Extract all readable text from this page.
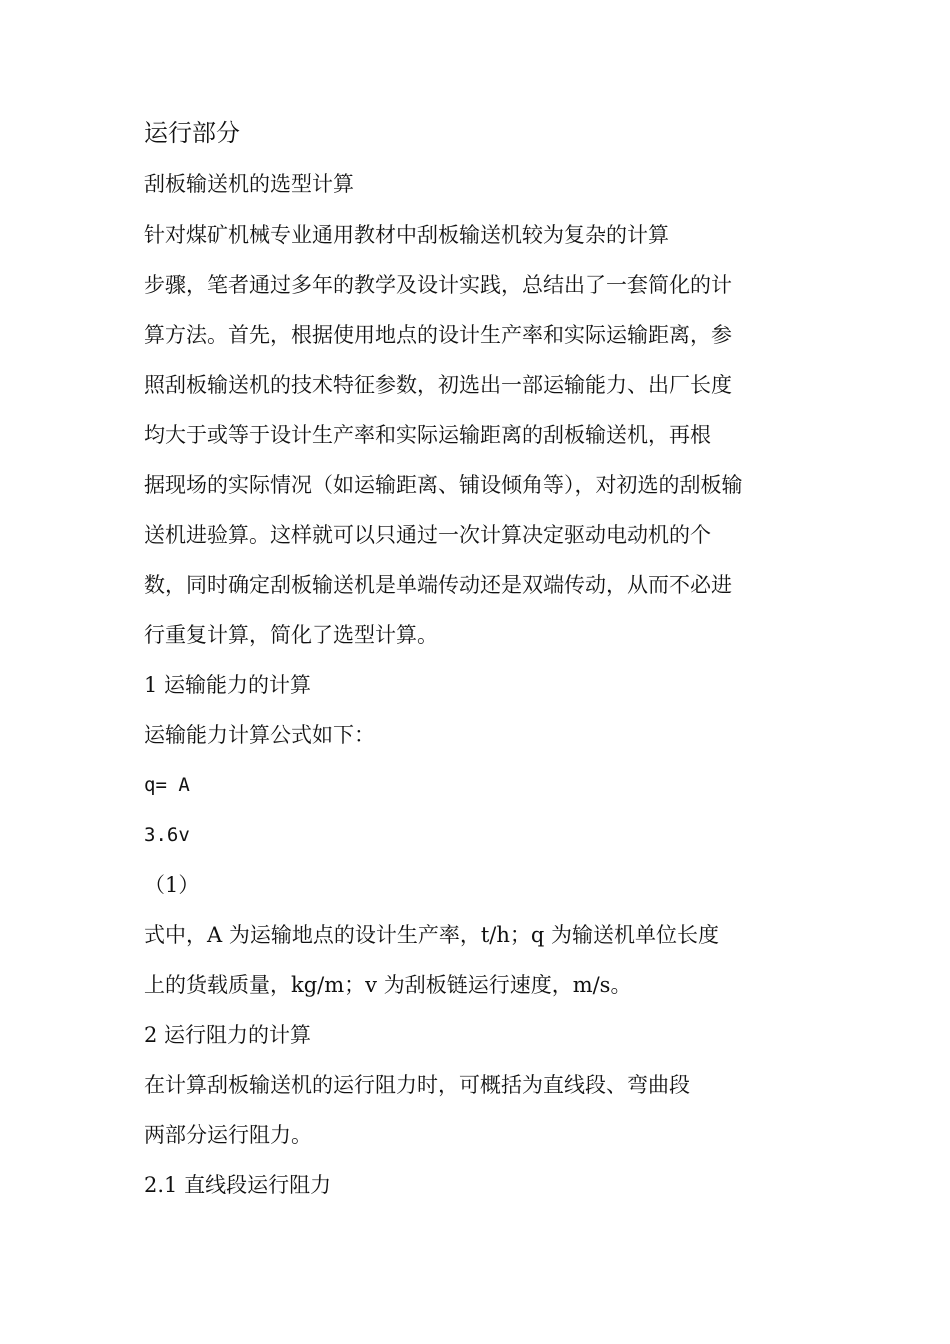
运行部分
刮板输送机的选型计算
针对煤矿机械专业通用教材中刮板输送机较为复杂的计算
步骤，笔者通过多年的教学及设计实践，总结出了一套简化的计
算方法。首先，根据使用地点的设计生产率和实际运输距离，参
照刮板输送机的技术特征参数，初选出一部运输能力、出厂长度
均大于或等于设计生产率和实际运输距离的刮板输送机，再根
据现场的实际情况（如运输距离、铺设倾角等），对初选的刮板输
送机进验算。这样就可以只通过一次计算决定驱动电动机的个
数，同时确定刮板输送机是单端传动还是双端传动，从而不必进
行重复计算，简化了选型计算。
1 运输能力的计算
运输能力计算公式如下：
q= A
3.6v
（1）
式中，A 为运输地点的设计生产率，t/h；q 为输送机单位长度
上的货载质量，kg/m；v 为刮板链运行速度，m/s。
2 运行阻力的计算
在计算刮板输送机的运行阻力时，可概括为直线段、弯曲段
两部分运行阻力。
2.1 直线段运行阻力
